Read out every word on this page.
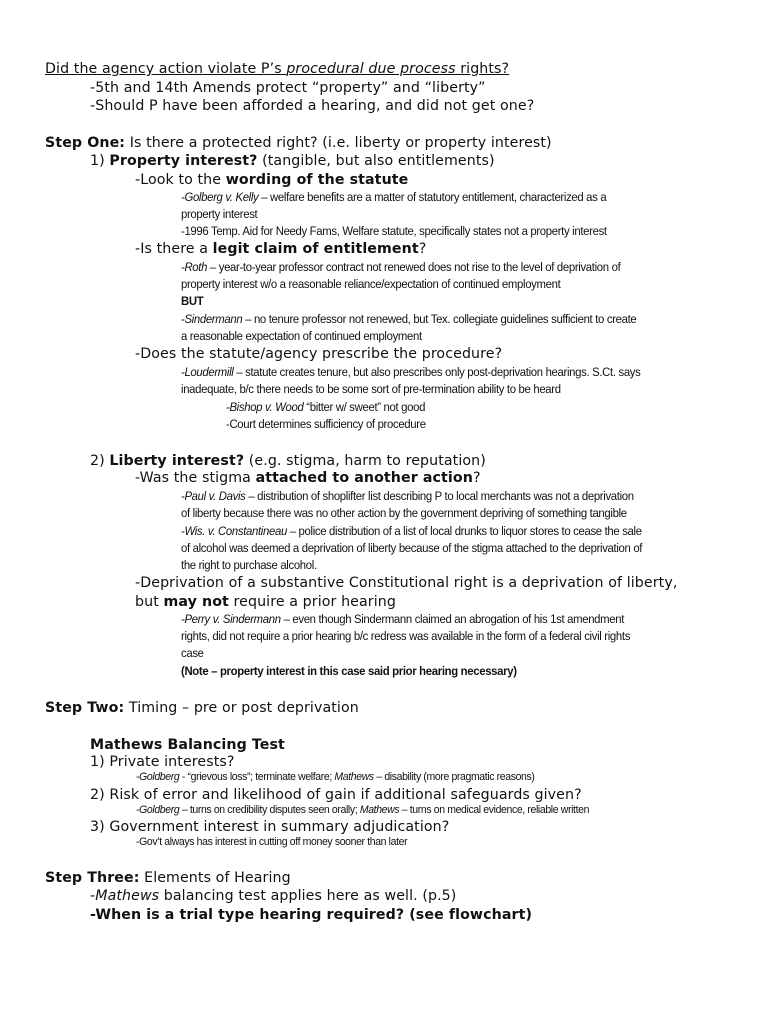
Did the agency action violate P’s procedural due process rights?
-5th and 14th Amends protect “property” and “liberty”
-Should P have been afforded a hearing, and did not get one?
Step One: Is there a protected right? (i.e. liberty or property interest)
1) Property interest? (tangible, but also entitlements)
-Look to the wording of the statute
-Golberg v. Kelly – welfare benefits are a matter of statutory entitlement, characterized as a
property interest
-1996 Temp. Aid for Needy Fams, Welfare statute, specifically states not a property interest
-Is there a legit claim of entitlement?
-Roth – year-to-year professor contract not renewed does not rise to the level of deprivation of
property interest w/o a reasonable reliance/expectation of continued employment
BUT
-Sindermann – no tenure professor not renewed, but Tex. collegiate guidelines sufficient to create
a reasonable expectation of continued employment
-Does the statute/agency prescribe the procedure?
-Loudermill – statute creates tenure, but also prescribes only post-deprivation hearings. S.Ct. says
inadequate, b/c there needs to be some sort of pre-termination ability to be heard
-Bishop v. Wood “bitter w/ sweet” not good
-Court determines sufficiency of procedure
2) Liberty interest? (e.g. stigma, harm to reputation)
-Was the stigma attached to another action?
-Paul v. Davis – distribution of shoplifter list describing P to local merchants was not a deprivation
of liberty because there was no other action by the government depriving of something tangible
-Wis. v. Constantineau – police distribution of a list of local drunks to liquor stores to cease the sale
of alcohol was deemed a deprivation of liberty because of the stigma attached to the deprivation of
the right to purchase alcohol.
-Deprivation of a substantive Constitutional right is a deprivation of liberty,
but may not require a prior hearing
-Perry v. Sindermann – even though Sindermann claimed an abrogation of his 1st amendment
rights, did not require a prior hearing b/c redress was available in the form of a federal civil rights
case
(Note – property interest in this case said prior hearing necessary)
Step Two: Timing – pre or post deprivation
Mathews Balancing Test
1) Private interests?
-Goldberg - “grievous loss”; terminate welfare; Mathews – disability (more pragmatic reasons)
2) Risk of error and likelihood of gain if additional safeguards given?
-Goldberg – turns on credibility disputes seen orally; Mathews – turns on medical evidence, reliable written
3) Government interest in summary adjudication?
-Gov’t always has interest in cutting off money sooner than later
Step Three: Elements of Hearing
-Mathews balancing test applies here as well. (p.5)
-When is a trial type hearing required? (see flowchart)
